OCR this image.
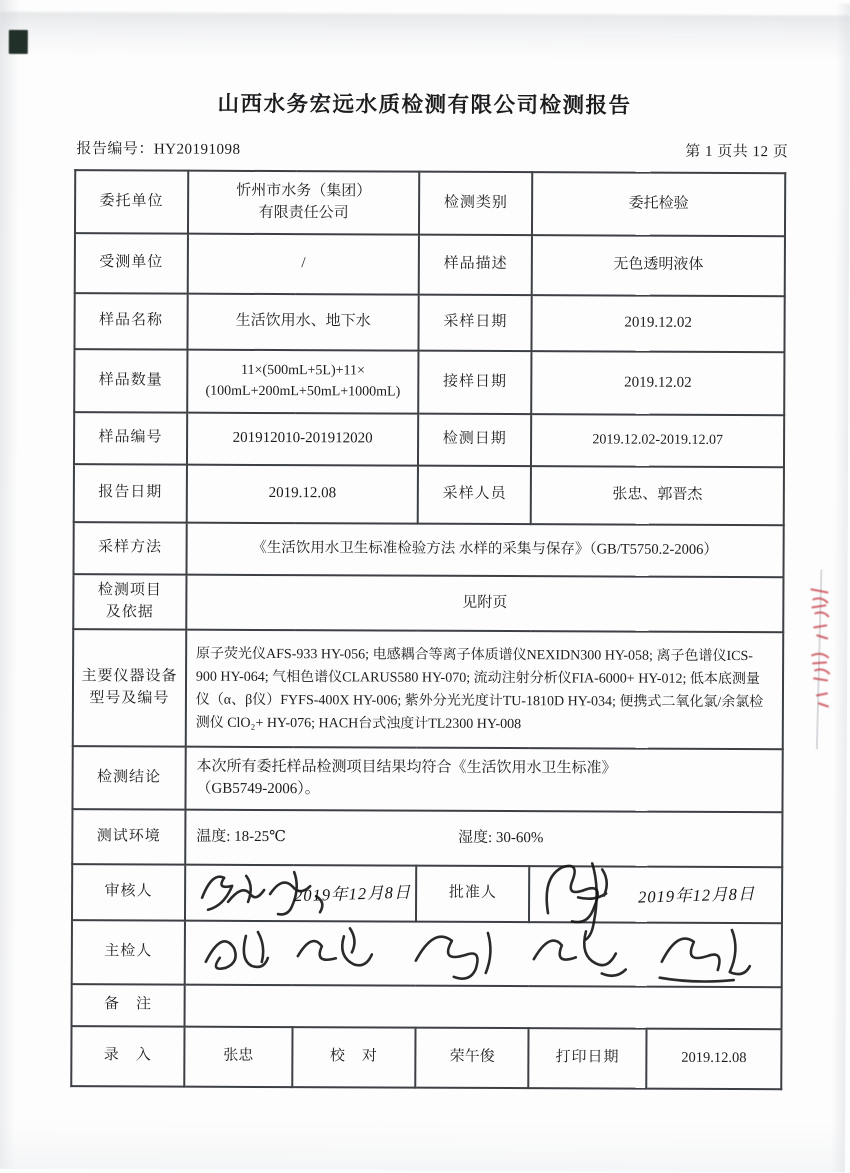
山西水务宏远水质检测有限公司检测报告
报告编号：HY20191098	第 1 页共 12 页
委托单位	忻州市水务（集团）
有限责任公司		检测类别	委托检验	
受测单位	/		样品描述	无色透明液体	
样品名称	生活饮用水、地下水		采样日期	2019.12.02	
样品数量	11×(500mL+5L)+11×
(100mL+200mL+50mL+1000mL)		接样日期	2019.12.02	
样品编号	201912010-201912020		检测日期	2019.12.02-2019.12.07	
报告日期	2019.12.08		采样人员	张忠、郭晋杰	
采样方法	《生活饮用水卫生标准检验方法 水样的采集与保存》（GB/T5750.2-2006）				
检测项目
及依据	见附页				
主要仪器设备
型号及编号	原子荧光仪AFS-933 HY-056; 电感耦合等离子体质谱仪NEXIDN300 HY-058; 离子色谱仪ICS-900 HY-064; 气相色谱仪CLARUS580 HY-070; 流动注射分析仪FIA-6000+ HY-012; 低本底测量仪（α、β仪）FYFS-400X HY-006; 紫外分光光度计TU-1810D HY-034; 便携式二氧化氯/余氯检测仪 ClO₂+ HY-076; HACH台式浊度计TL2300 HY-008				
检测结论	本次所有委托样品检测项目结果均符合《生活饮用水卫生标准》
（GB5749-2006）。				
测试环境	温度: 18-25℃ 湿度: 30-60%				
审核人	2019年12月8日		批准人	2019年12月8日	

主检人	

备　注					
录　入	张忠	校　对	荣午俊	打印日期	2019.12.08
